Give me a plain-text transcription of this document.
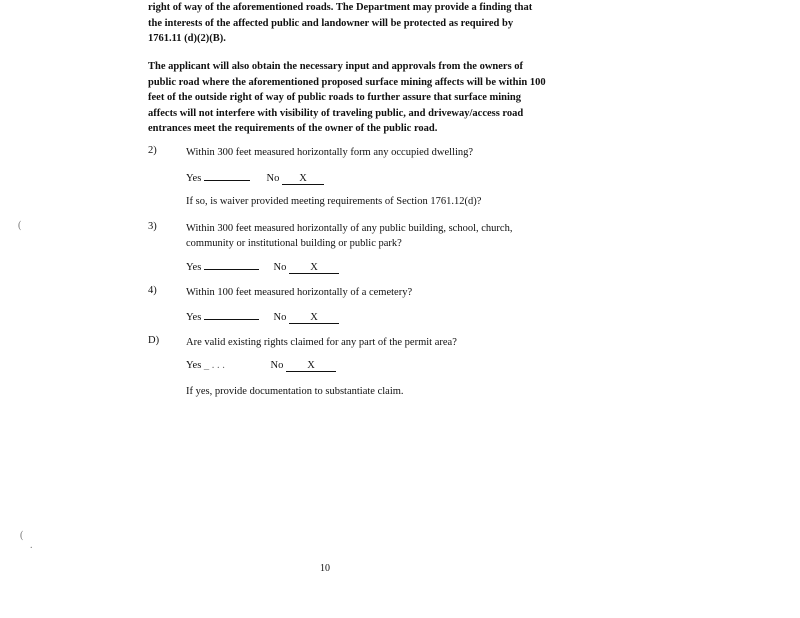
right of way of the aforementioned roads. The Department may provide a finding that
the interests of the affected public and landowner will be protected as required by
1761.11 (d)(2)(B).
The applicant will also obtain the necessary input and approvals from the owners of
public road where the aforementioned proposed surface mining affects will be within 100
feet of the outside right of way of public roads to further assure that surface mining
affects will not interfere with visibility of traveling public, and driveway/access road
entrances meet the requirements of the owner of the public road.
2)	Within 300 feet measured horizontally form any occupied dwelling?
Yes	No X
If so, is waiver provided meeting requirements of Section 1761.12(d)?
3)	Within 300 feet measured horizontally of any public building, school, church, community or institutional building or public park?
Yes	No X
4)	Within 100 feet measured horizontally of a cemetery?
Yes	No X
D)	Are valid existing rights claimed for any part of the permit area?
Yes _ . . .	No X
If yes, provide documentation to substantiate claim.
10
(
(
.
